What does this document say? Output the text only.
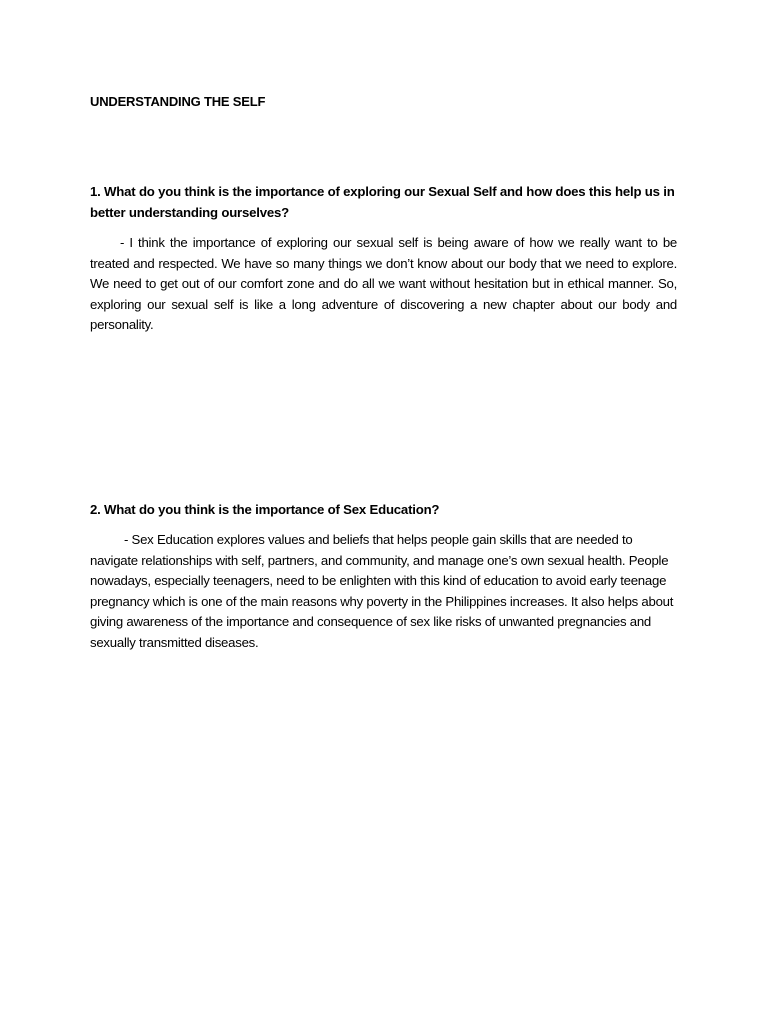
UNDERSTANDING THE SELF

1. What do you think is the importance of exploring our Sexual Self and how does this help us in better understanding ourselves?

- I think the importance of exploring our sexual self is being aware of how we really want to be treated and respected. We have so many things we don’t know about our body that we need to explore. We need to get out of our comfort zone and do all we want without hesitation but in ethical manner. So, exploring our sexual self is like a long adventure of discovering a new chapter about our body and personality.

2. What do you think is the importance of Sex Education?

- Sex Education explores values and beliefs that helps people gain skills that are needed to navigate relationships with self, partners, and community, and manage one’s own sexual health. People nowadays, especially teenagers, need to be enlighten with this kind of education to avoid early teenage pregnancy which is one of the main reasons why poverty in the Philippines increases. It also helps about giving awareness of the importance and consequence of sex like risks of unwanted pregnancies and sexually transmitted diseases.
